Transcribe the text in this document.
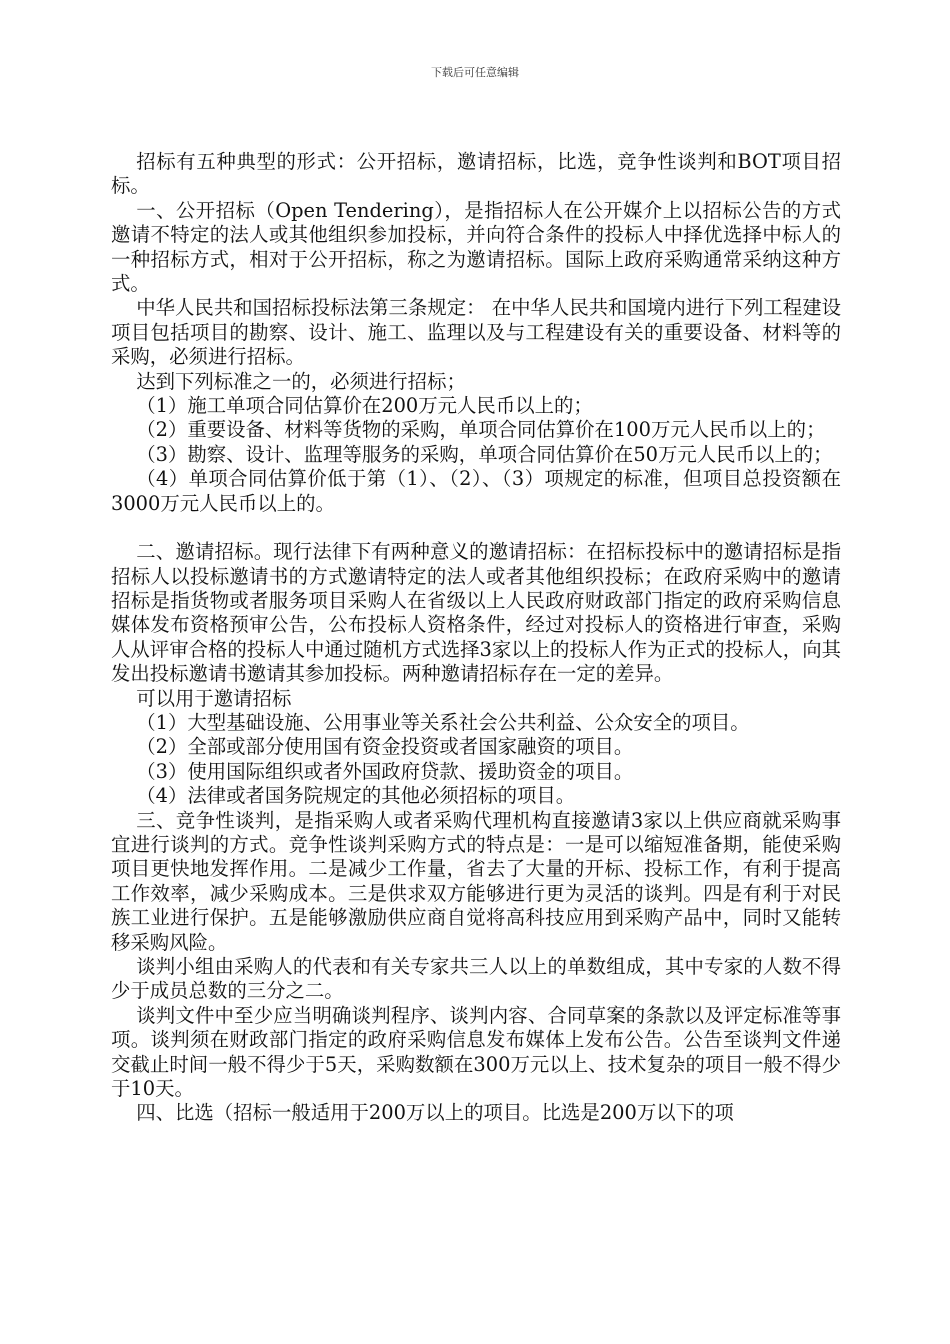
下载后可任意编辑

招标有五种典型的形式：公开招标，邀请招标，比选，竞争性谈判和BOT项目招标。

一、公开招标（Open Tendering），是指招标人在公开媒介上以招标公告的方式邀请不特定的法人或其他组织参加投标，并向符合条件的投标人中择优选择中标人的一种招标方式，相对于公开招标，称之为邀请招标。国际上政府采购通常采纳这种方式。

中华人民共和国招标投标法第三条规定： 在中华人民共和国境内进行下列工程建设项目包括项目的勘察、设计、施工、监理以及与工程建设有关的重要设备、材料等的采购，必须进行招标。

达到下列标准之一的，必须进行招标；

（1）施工单项合同估算价在200万元人民币以上的；

（2）重要设备、材料等货物的采购，单项合同估算价在100万元人民币以上的；

（3）勘察、设计、监理等服务的采购，单项合同估算价在50万元人民币以上的；

（4）单项合同估算价低于第（1）、（2）、（3）项规定的标准，但项目总投资额在3000万元人民币以上的。

二、邀请招标。现行法律下有两种意义的邀请招标：在招标投标中的邀请招标是指招标人以投标邀请书的方式邀请特定的法人或者其他组织投标；在政府采购中的邀请招标是指货物或者服务项目采购人在省级以上人民政府财政部门指定的政府采购信息媒体发布资格预审公告，公布投标人资格条件，经过对投标人的资格进行审查，采购人从评审合格的投标人中通过随机方式选择3家以上的投标人作为正式的投标人，向其发出投标邀请书邀请其参加投标。两种邀请招标存在一定的差异。

可以用于邀请招标

（1）大型基础设施、公用事业等关系社会公共利益、公众安全的项目。

（2）全部或部分使用国有资金投资或者国家融资的项目。

（3）使用国际组织或者外国政府贷款、援助资金的项目。

（4）法律或者国务院规定的其他必须招标的项目。

三、竞争性谈判，是指采购人或者采购代理机构直接邀请3家以上供应商就采购事宜进行谈判的方式。竞争性谈判采购方式的特点是：一是可以缩短准备期，能使采购项目更快地发挥作用。二是减少工作量，省去了大量的开标、投标工作，有利于提高工作效率，减少采购成本。三是供求双方能够进行更为灵活的谈判。四是有利于对民族工业进行保护。五是能够激励供应商自觉将高科技应用到采购产品中，同时又能转移采购风险。

谈判小组由采购人的代表和有关专家共三人以上的单数组成，其中专家的人数不得少于成员总数的三分之二。

谈判文件中至少应当明确谈判程序、谈判内容、合同草案的条款以及评定标准等事项。谈判须在财政部门指定的政府采购信息发布媒体上发布公告。公告至谈判文件递交截止时间一般不得少于5天，采购数额在300万元以上、技术复杂的项目一般不得少于10天。

四、比选（招标一般适用于200万以上的项目。比选是200万以下的项
